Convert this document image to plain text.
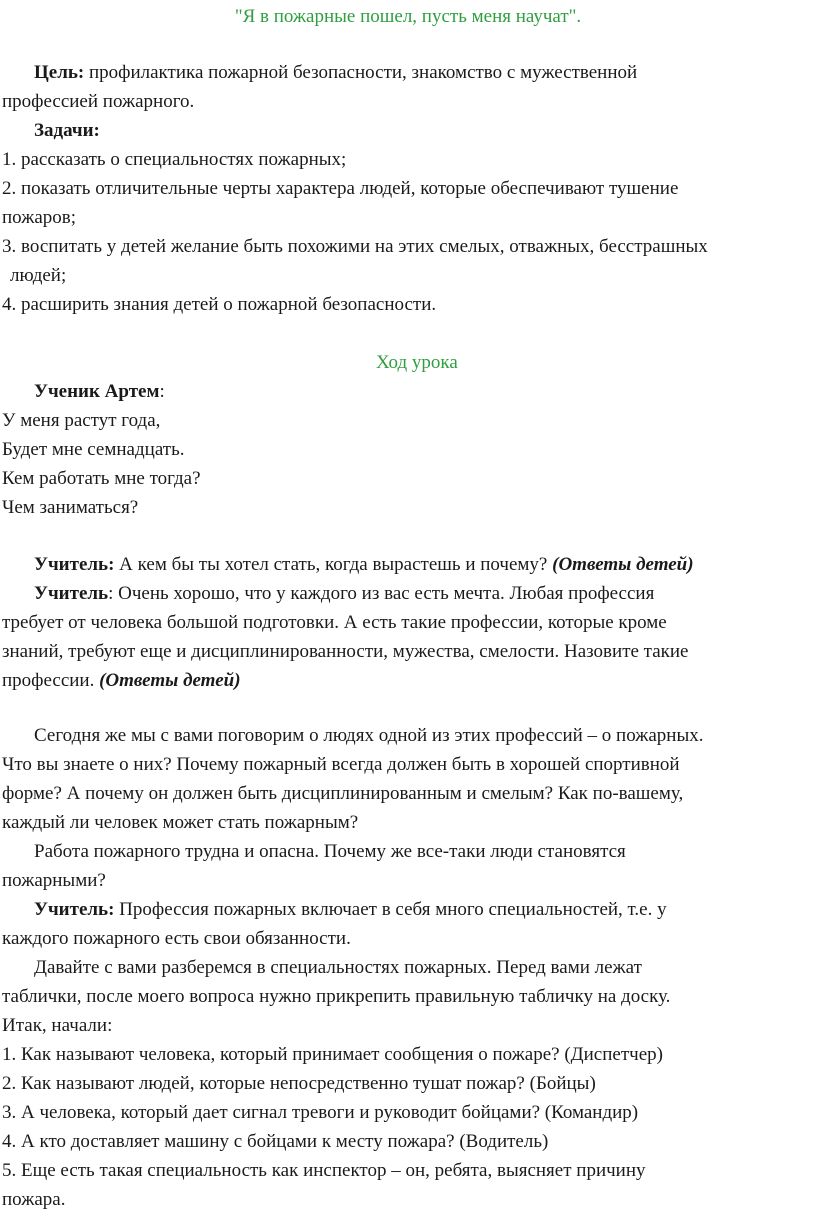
"Я в пожарные пошел, пусть меня научат".
Цель: профилактика пожарной безопасности, знакомство с мужественной
профессией пожарного.
Задачи:
1. рассказать о специальностях пожарных;
2. показать отличительные черты характера людей, которые обеспечивают тушение
пожаров;
3. воспитать у детей желание быть похожими на этих смелых, отважных, бесстрашных
людей;
4. расширить знания детей о пожарной безопасности.
Ход урока
Ученик Артем:
У меня растут года,
Будет мне семнадцать.
Кем работать мне тогда?
Чем заниматься?
Учитель: А кем бы ты хотел стать, когда вырастешь и почему? (Ответы детей)
Учитель: Очень хорошо, что у каждого из вас есть мечта. Любая профессия
требует от человека большой подготовки. А есть такие профессии, которые кроме
знаний, требуют еще и дисциплинированности, мужества, смелости. Назовите такие
профессии. (Ответы детей)
Сегодня же мы с вами поговорим о людях одной из этих профессий – о пожарных.
Что вы знаете о них? Почему пожарный всегда должен быть в хорошей спортивной
форме? А почему он должен быть дисциплинированным и смелым? Как по-вашему,
каждый ли человек может стать пожарным?
Работа пожарного трудна и опасна. Почему же все-таки люди становятся
пожарными?
Учитель: Профессия пожарных включает в себя много специальностей, т.е. у
каждого пожарного есть свои обязанности.
Давайте с вами разберемся в специальностях пожарных. Перед вами лежат
таблички, после моего вопроса нужно прикрепить правильную табличку на доску.
Итак, начали:
1. Как называют человека, который принимает сообщения о пожаре? (Диспетчер)
2. Как называют людей, которые непосредственно тушат пожар? (Бойцы)
3. А человека, который дает сигнал тревоги и руководит бойцами? (Командир)
4. А кто доставляет машину с бойцами к месту пожара? (Водитель)
5. Еще есть такая специальность как инспектор – он, ребята, выясняет причину
пожара.
